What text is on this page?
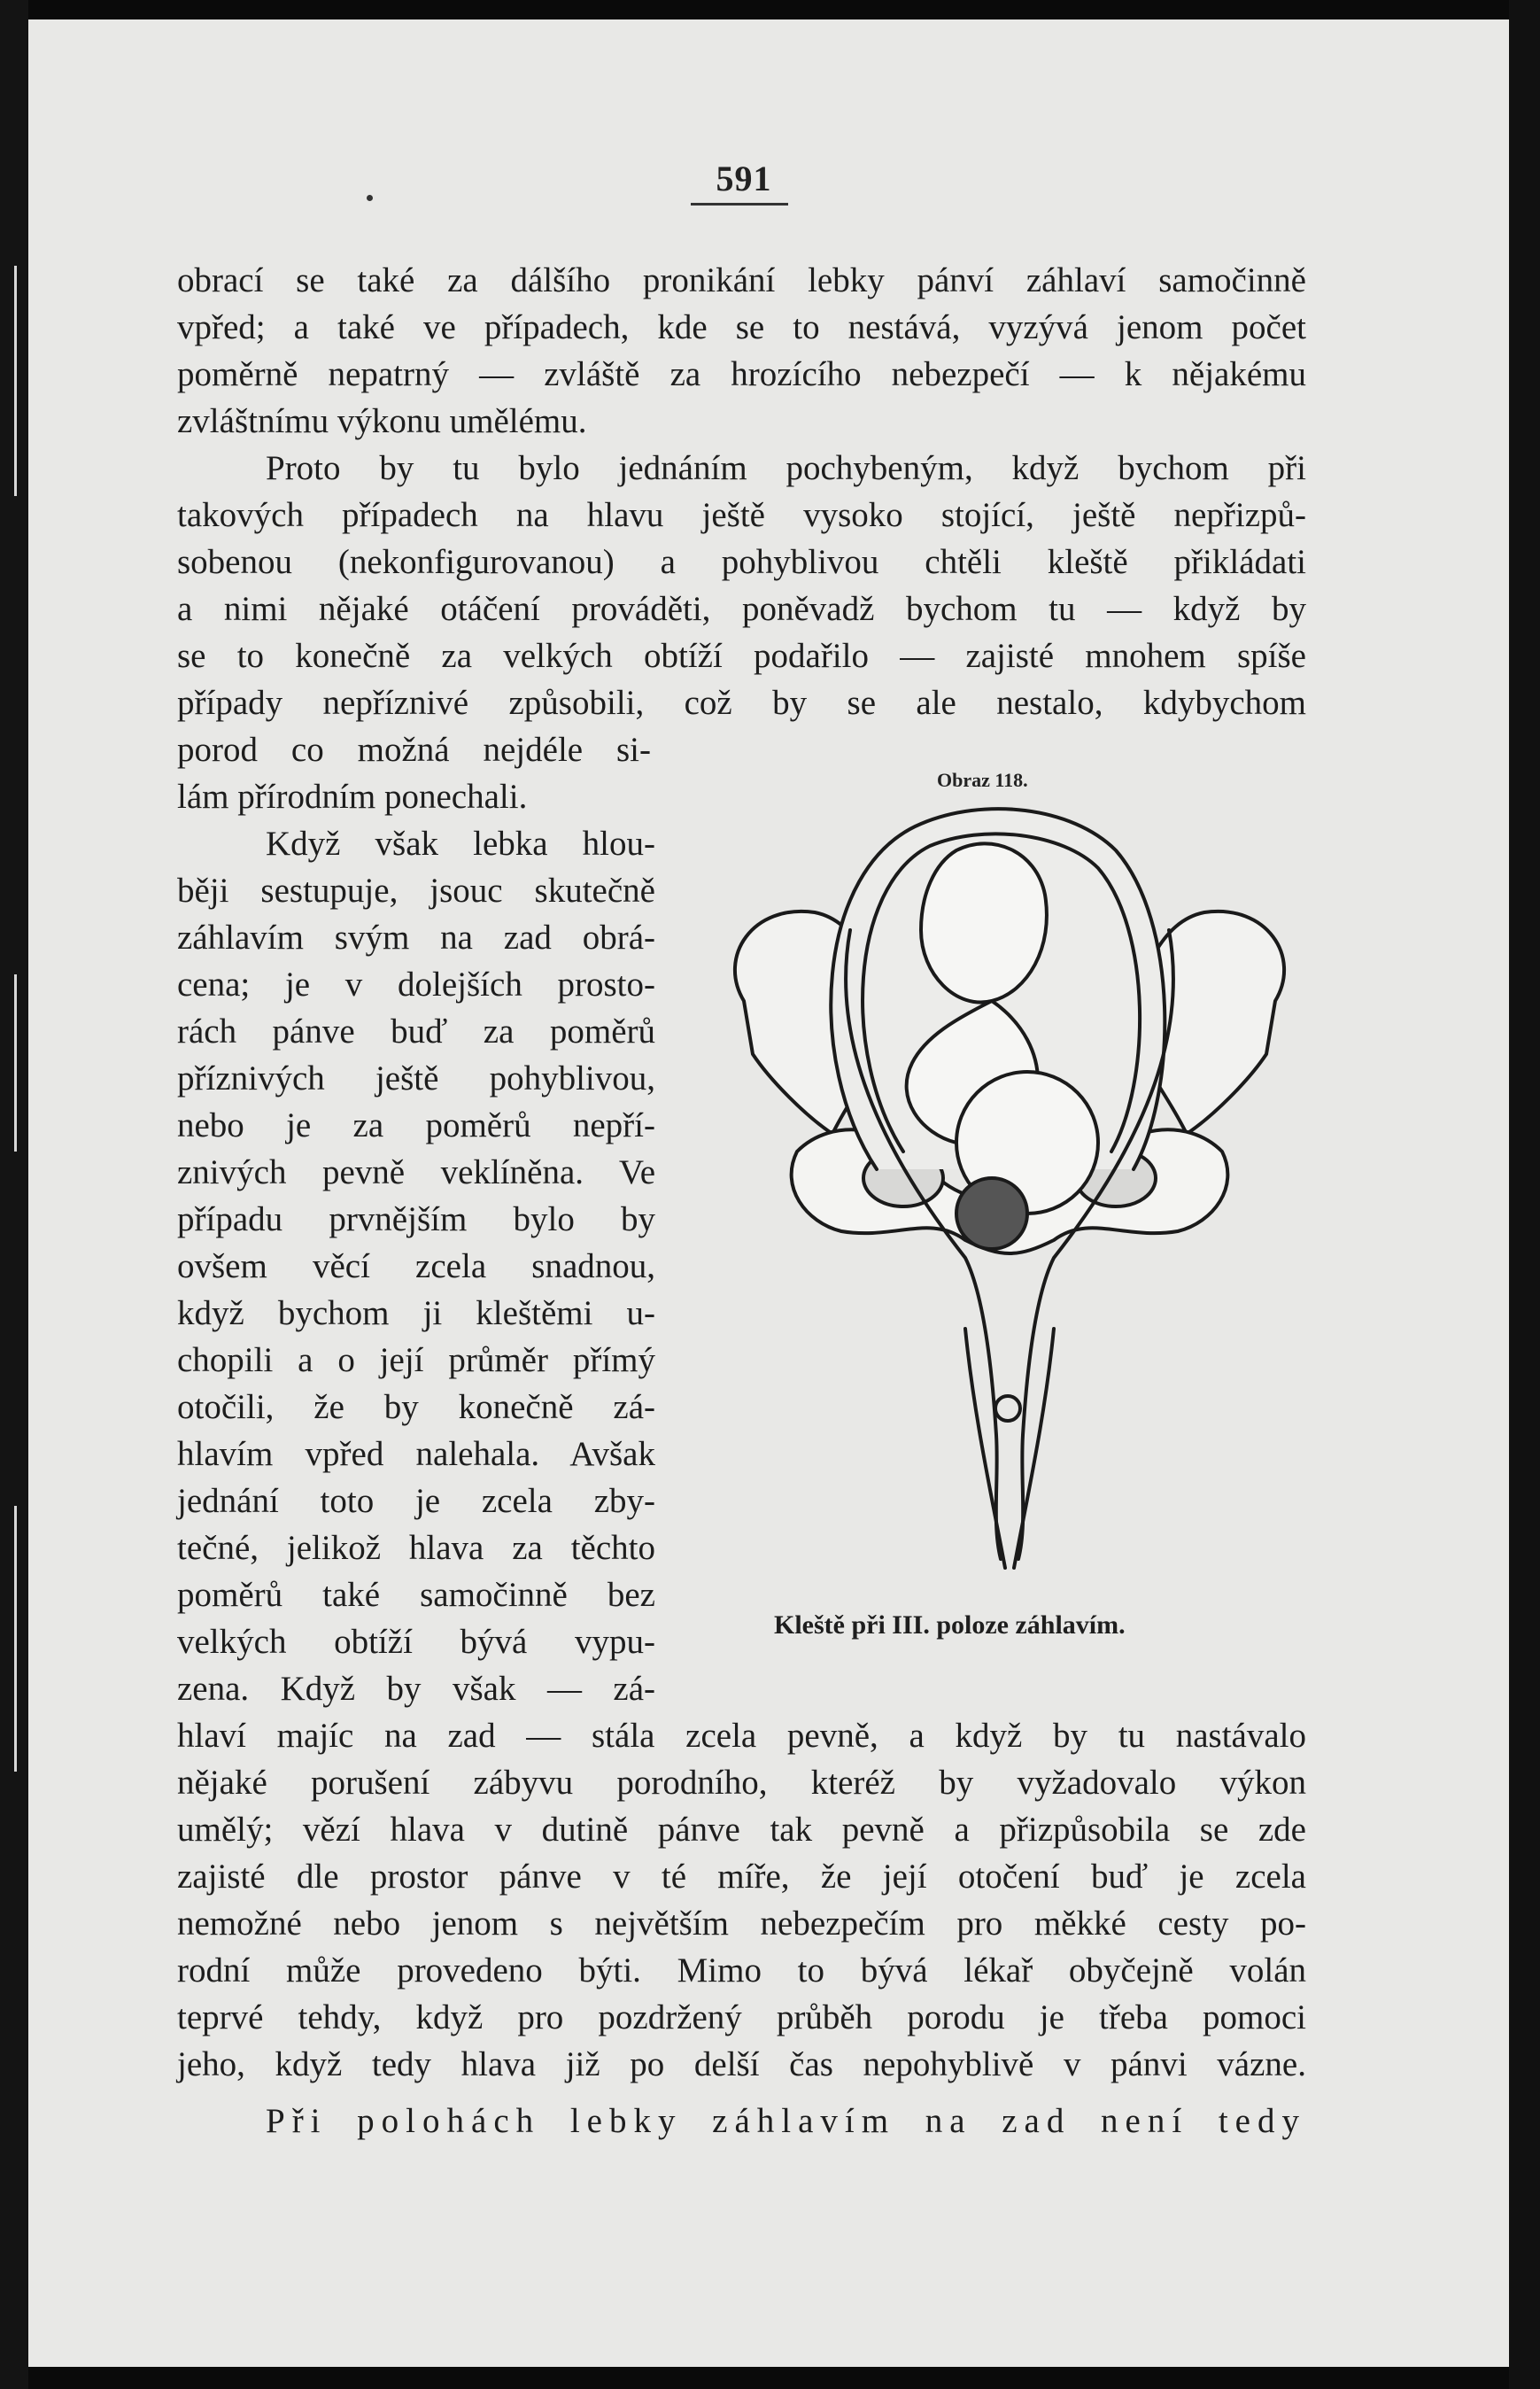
591
obrací se také za dálšího pronikání lebky pánví záhlaví samočinně
vpřed; a také ve případech, kde se to nestává, vyzývá jenom počet
poměrně nepatrný — zvláště za hrozícího nebezpečí — k nějakému
zvláštnímu výkonu umělému.
Proto by tu bylo jednáním pochybeným, když bychom při
takových případech na hlavu ještě vysoko stojící, ještě nepřizpů-
sobenou (nekonfigurovanou) a pohyblivou chtěli kleště přikládati
a nimi nějaké otáčení prováděti, poněvadž bychom tu — když by
se to konečně za velkých obtíží podařilo — zajisté mnohem spíše
případy nepříznivé způsobili, což by se ale nestalo, kdybychom
porod co možná nejdéle si-
lám přírodním ponechali.
Když však lebka hlou-
běji sestupuje, jsouc skutečně
záhlavím svým na zad obrá-
cena; je v dolejších prosto-
rách pánve buď za poměrů
příznivých ještě pohyblivou,
nebo je za poměrů nepří-
znivých pevně veklíněna. Ve
případu prvnějším bylo by
ovšem věcí zcela snadnou,
když bychom ji kleštěmi u-
chopili a o její průměr přímý
otočili, že by konečně zá-
hlavím vpřed nalehala. Avšak
jednání toto je zcela zby-
tečné, jelikož hlava za těchto
poměrů také samočinně bez
velkých obtíží bývá vypu-
zena. Když by však — zá-
hlaví majíc na zad — stála zcela pevně, a když by tu nastávalo
nějaké porušení zábyvu porodního, kteréž by vyžadovalo výkon
umělý; vězí hlava v dutině pánve tak pevně a přizpůsobila se zde
zajisté dle prostor pánve v té míře, že její otočení buď je zcela
nemožné nebo jenom s největším nebezpečím pro měkké cesty po-
rodní může provedeno býti. Mimo to bývá lékař obyčejně volán
teprvé tehdy, když pro pozdržený průběh porodu je třeba pomoci
jeho, když tedy hlava již po delší čas nepohyblivě v pánvi vázne.
Při polohách lebky záhlavím na zad není tedy
Obraz 118.
Kleště při III. poloze záhlavím.
